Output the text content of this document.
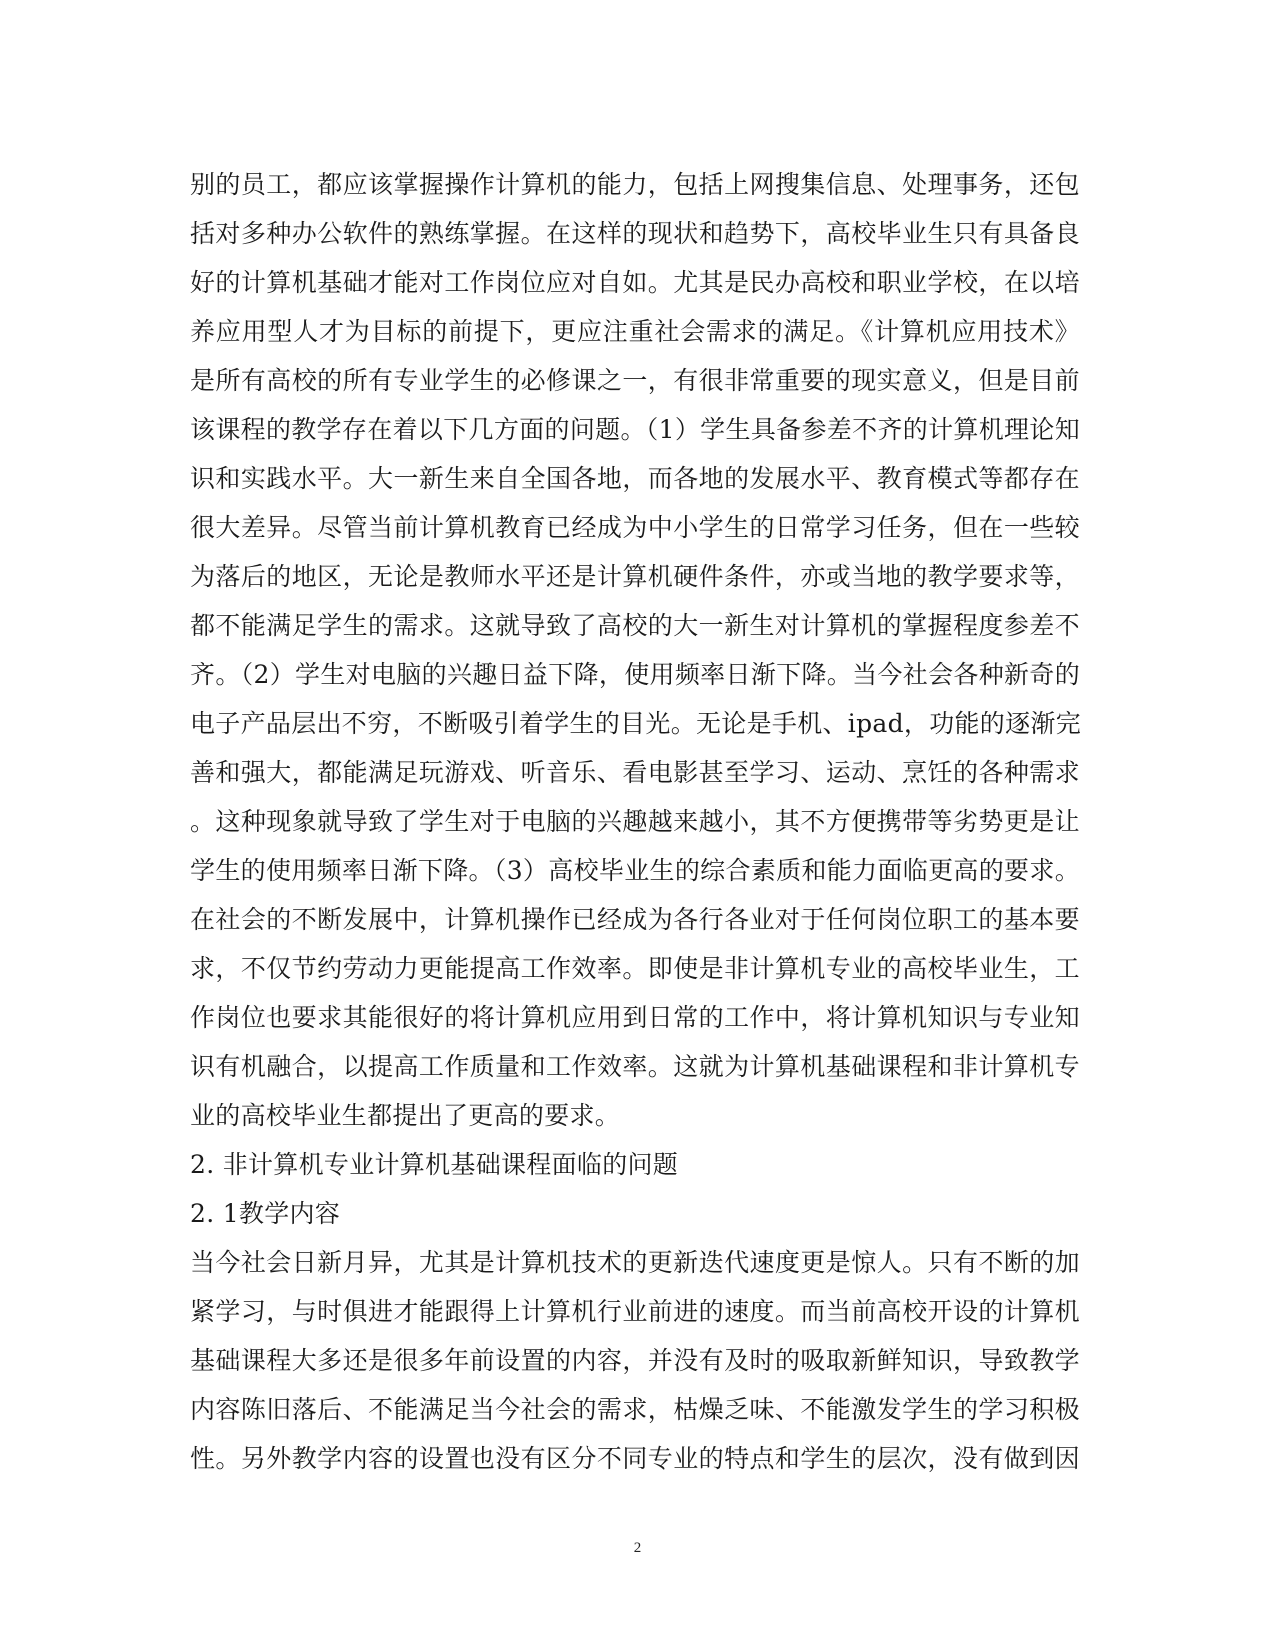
别的员工，都应该掌握操作计算机的能力，包括上网搜集信息、处理事务，还包
括对多种办公软件的熟练掌握。在这样的现状和趋势下，高校毕业生只有具备良
好的计算机基础才能对工作岗位应对自如。尤其是民办高校和职业学校，在以培
养应用型人才为目标的前提下，更应注重社会需求的满足。《计算机应用技术》
是所有高校的所有专业学生的必修课之一，有很非常重要的现实意义，但是目前
该课程的教学存在着以下几方面的问题。（1）学生具备参差不齐的计算机理论知
识和实践水平。大一新生来自全国各地，而各地的发展水平、教育模式等都存在
很大差异。尽管当前计算机教育已经成为中小学生的日常学习任务，但在一些较
为落后的地区，无论是教师水平还是计算机硬件条件，亦或当地的教学要求等，
都不能满足学生的需求。这就导致了高校的大一新生对计算机的掌握程度参差不
齐。（2）学生对电脑的兴趣日益下降，使用频率日渐下降。当今社会各种新奇的
电子产品层出不穷，不断吸引着学生的目光。无论是手机、ipad，功能的逐渐完
善和强大，都能满足玩游戏、听音乐、看电影甚至学习、运动、烹饪的各种需求
。这种现象就导致了学生对于电脑的兴趣越来越小，其不方便携带等劣势更是让
学生的使用频率日渐下降。（3）高校毕业生的综合素质和能力面临更高的要求。
在社会的不断发展中，计算机操作已经成为各行各业对于任何岗位职工的基本要
求，不仅节约劳动力更能提高工作效率。即使是非计算机专业的高校毕业生，工
作岗位也要求其能很好的将计算机应用到日常的工作中，将计算机知识与专业知
识有机融合，以提高工作质量和工作效率。这就为计算机基础课程和非计算机专
业的高校毕业生都提出了更高的要求。
2. 非计算机专业计算机基础课程面临的问题
2. 1教学内容
当今社会日新月异，尤其是计算机技术的更新迭代速度更是惊人。只有不断的加
紧学习，与时俱进才能跟得上计算机行业前进的速度。而当前高校开设的计算机
基础课程大多还是很多年前设置的内容，并没有及时的吸取新鲜知识，导致教学
内容陈旧落后、不能满足当今社会的需求，枯燥乏味、不能激发学生的学习积极
性。另外教学内容的设置也没有区分不同专业的特点和学生的层次，没有做到因
2
